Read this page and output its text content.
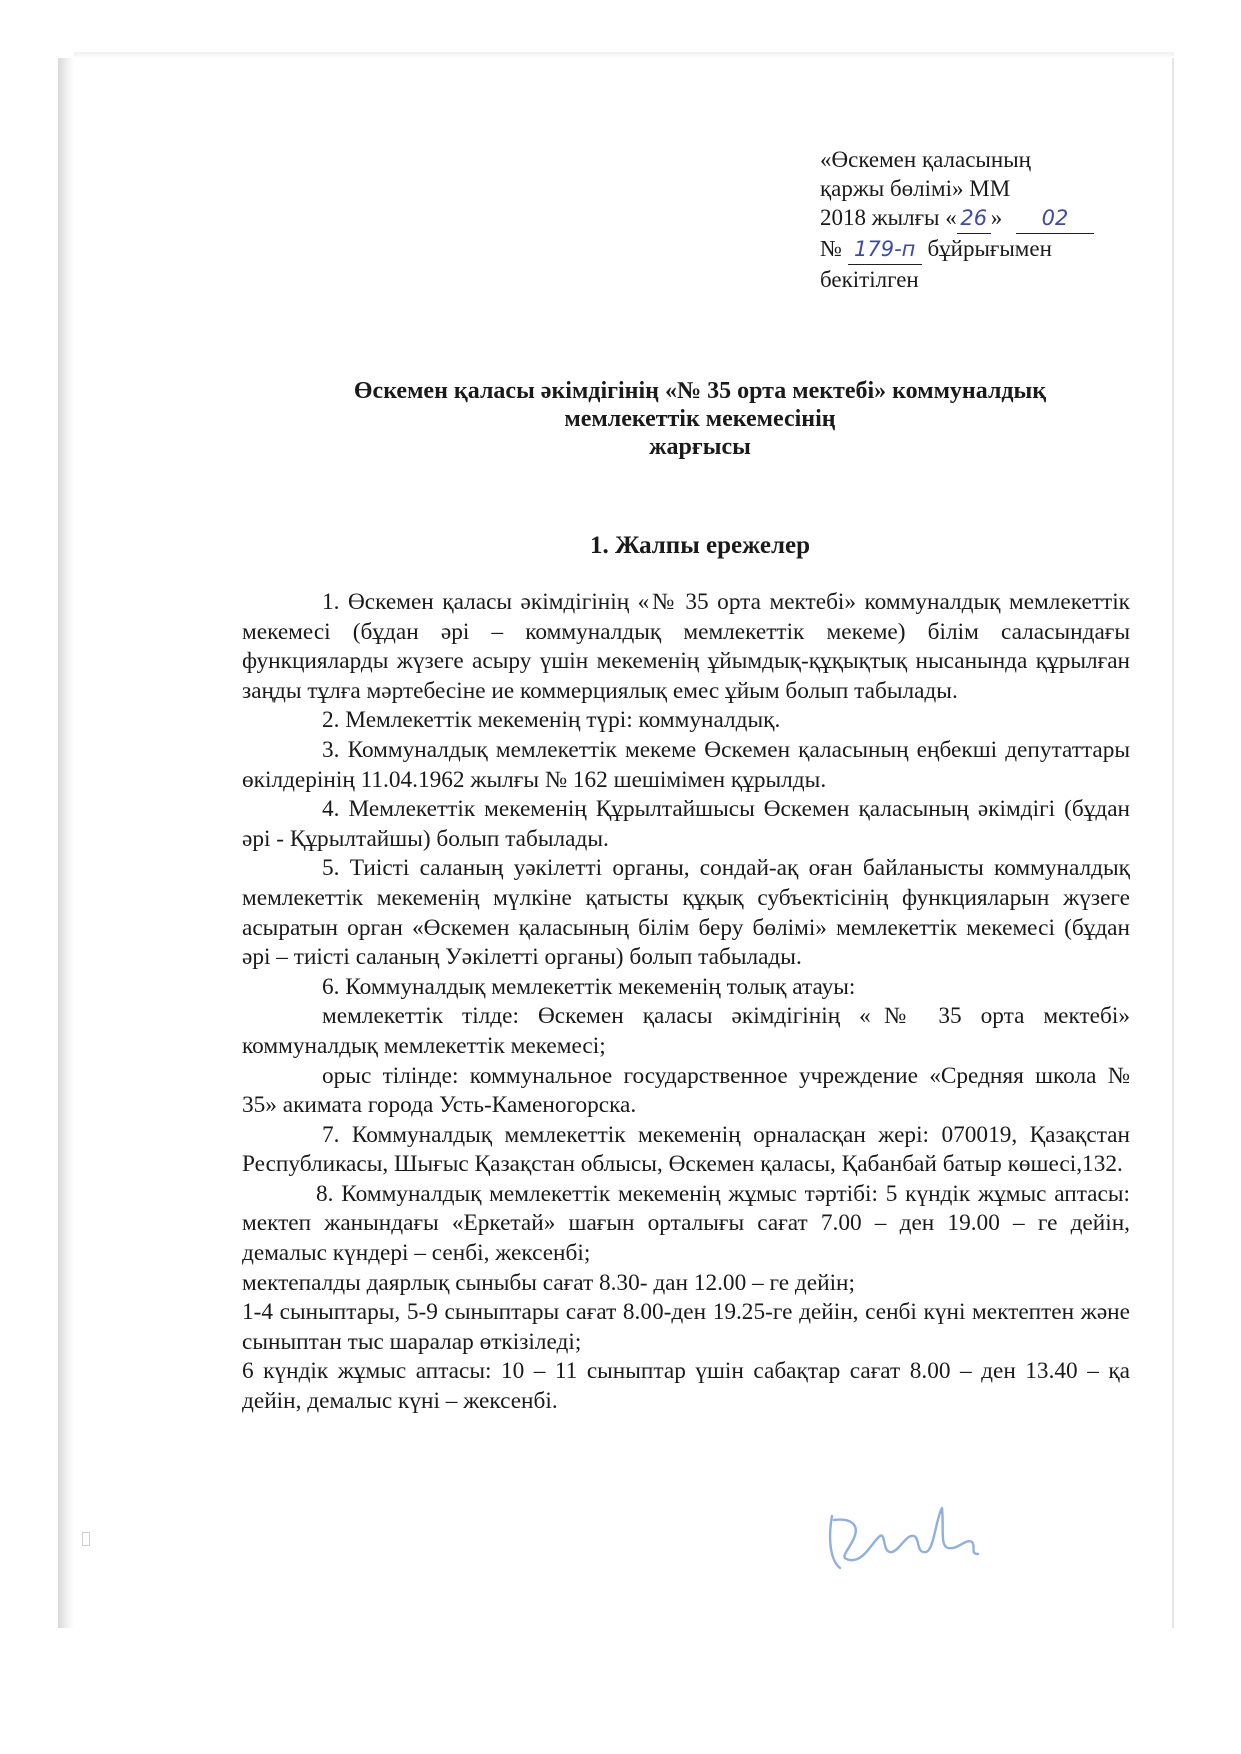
«Өскемен қаласының
қаржы бөлімі» ММ
2018 жылғы « 26 » 02
№ 179-п бұйрығымен
бекітілген
Өскемен қаласы әкімдігінің «№ 35 орта мектебі» коммуналдық
мемлекеттік мекемесінің
жарғысы
1. Жалпы ережелер

1. Өскемен қаласы әкімдігінің «№ 35 орта мектебі» коммуналдық мемлекеттік мекемесі (бұдан әрі – коммуналдық мемлекеттік мекеме) білім саласындағы функцияларды жүзеге асыру үшін мекеменің ұйымдық-құқықтық нысанында құрылған заңды тұлға мәртебесіне ие коммерциялық емес ұйым болып табылады.

2. Мемлекеттік мекеменің түрі: коммуналдық.

3. Коммуналдық мемлекеттік мекеме Өскемен қаласының еңбекші депутаттары өкілдерінің 11.04.1962 жылғы № 162 шешімімен құрылды.

4. Мемлекеттік мекеменің Құрылтайшысы Өскемен қаласының әкімдігі (бұдан әрі - Құрылтайшы) болып табылады.

5. Тиісті саланың уәкілетті органы, сондай-ақ оған байланысты коммуналдық мемлекеттік мекеменің мүлкіне қатысты құқық субъектісінің функцияларын жүзеге асыратын орган «Өскемен қаласының білім беру бөлімі» мемлекеттік мекемесі (бұдан әрі – тиісті саланың Уәкілетті органы) болып табылады.

6. Коммуналдық мемлекеттік мекеменің толық атауы:

мемлекеттік тілде: Өскемен қаласы әкімдігінің «№ 35 орта мектебі» коммуналдық мемлекеттік мекемесі;

орыс тілінде: коммунальное государственное учреждение «Средняя школа № 35» акимата города Усть-Каменогорска.

7. Коммуналдық мемлекеттік мекеменің орналасқан жері: 070019, Қазақстан Республикасы, Шығыс Қазақстан облысы, Өскемен қаласы, Қабанбай батыр көшесі,132.

8. Коммуналдық мемлекеттік мекеменің жұмыс тәртібі: 5 күндік жұмыс аптасы: мектеп жанындағы «Еркетай» шағын орталығы сағат 7.00 – ден 19.00 – ге дейін, демалыс күндері – сенбі, жексенбі;

мектепалды даярлық сыныбы сағат 8.30- дан 12.00 – ге дейін;

1-4 сыныптары, 5-9 сыныптары сағат 8.00-ден 19.25-ге дейін, сенбі күні мектептен және сыныптан тыс шаралар өткізіледі;

6 күндік жұмыс аптасы: 10 – 11 сыныптар үшін сабақтар сағат 8.00 – ден 13.40 – қа дейін, демалыс күні – жексенбі.
